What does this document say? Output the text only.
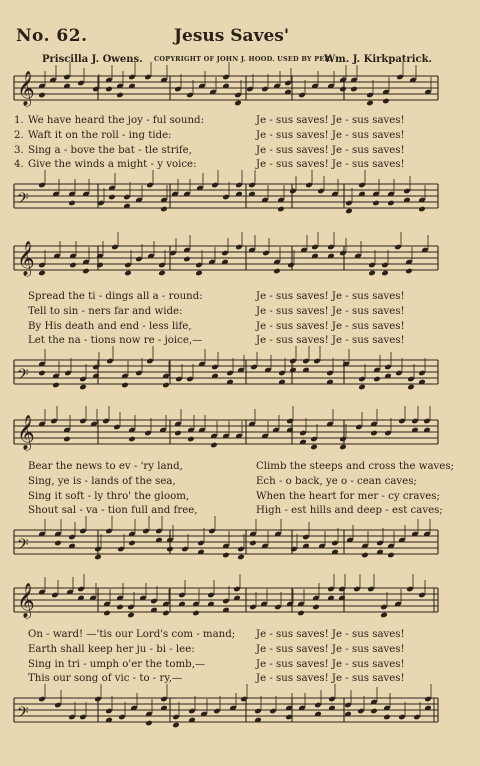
No. 62.	Jesus Saves'
Priscilla J. Owens. COPYRIGHT OF JOHN J. HOOD. USED BY PER.
Wm. J. Kirkpatrick.
𝄞
1. We have heard the joy - ful sound:	Je - sus saves! Je - sus saves!
2. Waft it on the roll - ing tide:	Je - sus saves! Je - sus saves!
3. Sing a - bove the bat - tle strife,	Je - sus saves! Je - sus saves!
4. Give the winds a might - y voice:	Je - sus saves! Je - sus saves!
𝄢
𝄞
Spread the ti - dings all a - round:	Je - sus saves! Je - sus saves!
Tell to sin - ners far and wide:	Je - sus saves! Je - sus saves!
By His death and end - less life,	Je - sus saves! Je - sus saves!
Let the na - tions now re - joice,—	Je - sus saves! Je - sus saves!
𝄢
𝄞
Bear the news to ev - 'ry land,	Climb the steeps and cross the waves;
Sing, ye is - lands of the sea,	Ech - o back, ye o - cean caves;
Sing it soft - ly thro' the gloom,	When the heart for mer - cy craves;
Shout sal - va - tion full and free,	High - est hills and deep - est caves;
𝄢
𝄞
On - ward! —'tis our Lord's com - mand; Je - sus saves! Je - sus saves!
Earth shall keep her ju - bi - lee:	Je - sus saves! Je - sus saves!
Sing in tri - umph o'er the tomb,—	Je - sus saves! Je - sus saves!
This our song of vic - to - ry,—	Je - sus saves! Je - sus saves!
𝄢
